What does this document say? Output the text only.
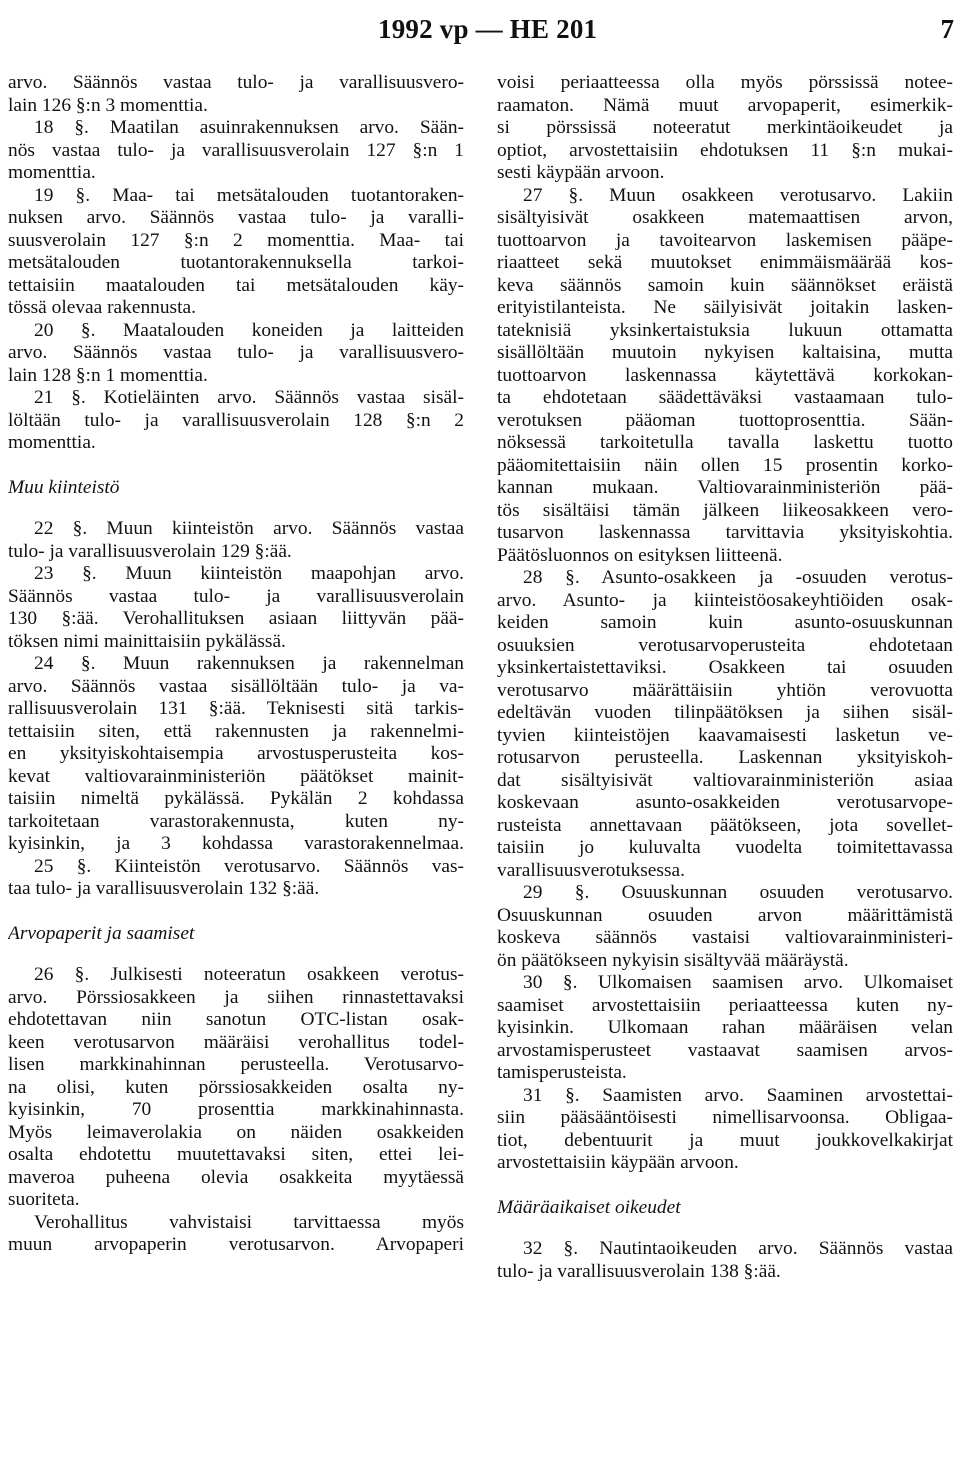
1992 vp — HE 201	7
arvo. Säännös vastaa tulo- ja varallisuusvero-
lain 126 §:n 3 momenttia.
18 §. Maatilan asuinrakennuksen arvo. Sään-
nös vastaa tulo- ja varallisuusverolain 127 §:n 1
momenttia.
19 §. Maa- tai metsätalouden tuotantoraken-
nuksen arvo. Säännös vastaa tulo- ja varalli-
suusverolain 127 §:n 2 momenttia. Maa- tai
metsätalouden tuotantorakennuksella tarkoi-
tettaisiin maatalouden tai metsätalouden käy-
tössä olevaa rakennusta.
20 §. Maatalouden koneiden ja laitteiden
arvo. Säännös vastaa tulo- ja varallisuusvero-
lain 128 §:n 1 momenttia.
21 §. Kotieläinten arvo. Säännös vastaa sisäl-
löltään tulo- ja varallisuusverolain 128 §:n 2
momenttia.
Muu kiinteistö
22 §. Muun kiinteistön arvo. Säännös vastaa
tulo- ja varallisuusverolain 129 §:ää.
23 §. Muun kiinteistön maapohjan arvo.
Säännös vastaa tulo- ja varallisuusverolain
130 §:ää. Verohallituksen asiaan liittyvän pää-
töksen nimi mainittaisiin pykälässä.
24 §. Muun rakennuksen ja rakennelman
arvo. Säännös vastaa sisällöltään tulo- ja va-
rallisuusverolain 131 §:ää. Teknisesti sitä tarkis-
tettaisiin siten, että rakennusten ja rakennelmi-
en yksityiskohtaisempia arvostusperusteita kos-
kevat valtiovarainministeriön päätökset mainit-
taisiin nimeltä pykälässä. Pykälän 2 kohdassa
tarkoitetaan varastorakennusta, kuten ny-
kyisinkin, ja 3 kohdassa varastorakennelmaa.
25 §. Kiinteistön verotusarvo. Säännös vas-
taa tulo- ja varallisuusverolain 132 §:ää.
Arvopaperit ja saamiset
26 §. Julkisesti noteeratun osakkeen verotus-
arvo. Pörssiosakkeen ja siihen rinnastettavaksi
ehdotettavan niin sanotun OTC-listan osak-
keen verotusarvon määräisi verohallitus todel-
lisen markkinahinnan perusteella. Verotusarvo-
na olisi, kuten pörssiosakkeiden osalta ny-
kyisinkin, 70 prosenttia markkinahinnasta.
Myös leimaverolakia on näiden osakkeiden
osalta ehdotettu muutettavaksi siten, ettei lei-
maveroa puheena olevia osakkeita myytäessä
suoriteta.
Verohallitus vahvistaisi tarvittaessa myös
muun arvopaperin verotusarvon. Arvopaperi
voisi periaatteessa olla myös pörssissä notee-
raamaton. Nämä muut arvopaperit, esimerkik-
si pörssissä noteeratut merkintäoikeudet ja
optiot, arvostettaisiin ehdotuksen 11 §:n mukai-
sesti käypään arvoon.
27 §. Muun osakkeen verotusarvo. Lakiin
sisältyisivät osakkeen matemaattisen arvon,
tuottoarvon ja tavoitearvon laskemisen pääpe-
riaatteet sekä muutokset enimmäismäärää kos-
keva säännös samoin kuin säännökset eräistä
erityistilanteista. Ne säilyisivät joitakin lasken-
tateknisiä yksinkertaistuksia lukuun ottamatta
sisällöltään muutoin nykyisen kaltaisina, mutta
tuottoarvon laskennassa käytettävä korkokan-
ta ehdotetaan säädettäväksi vastaamaan tulo-
verotuksen pääoman tuottoprosenttia. Sään-
nöksessä tarkoitetulla tavalla laskettu tuotto
pääomitettaisiin näin ollen 15 prosentin korko-
kannan mukaan. Valtiovarainministeriön pää-
tös sisältäisi tämän jälkeen liikeosakkeen vero-
tusarvon laskennassa tarvittavia yksityiskohtia.
Päätösluonnos on esityksen liitteenä.
28 §. Asunto-osakkeen ja -osuuden verotus-
arvo. Asunto- ja kiinteistöosakeyhtiöiden osak-
keiden samoin kuin asunto-osuuskunnan
osuuksien verotusarvoperusteita ehdotetaan
yksinkertaistettaviksi. Osakkeen tai osuuden
verotusarvo määrättäisiin yhtiön verovuotta
edeltävän vuoden tilinpäätöksen ja siihen sisäl-
tyvien kiinteistöjen kaavamaisesti lasketun ve-
rotusarvon perusteella. Laskennan yksityiskoh-
dat sisältyisivät valtiovarainministeriön asiaa
koskevaan asunto-osakkeiden verotusarvope-
rusteista annettavaan päätökseen, jota sovellet-
taisiin jo kuluvalta vuodelta toimitettavassa
varallisuusverotuksessa.
29 §. Osuuskunnan osuuden verotusarvo.
Osuuskunnan osuuden arvon määrittämistä
koskeva säännös vastaisi valtiovarainministeri-
ön päätökseen nykyisin sisältyvää määräystä.
30 §. Ulkomaisen saamisen arvo. Ulkomaiset
saamiset arvostettaisiin periaatteessa kuten ny-
kyisinkin. Ulkomaan rahan määräisen velan
arvostamisperusteet vastaavat saamisen arvos-
tamisperusteista.
31 §. Saamisten arvo. Saaminen arvostettai-
siin pääsääntöisesti nimellisarvoonsa. Obligaa-
tiot, debentuurit ja muut joukkovelkakirjat
arvostettaisiin käypään arvoon.
Määräaikaiset oikeudet
32 §. Nautintaoikeuden arvo. Säännös vastaa
tulo- ja varallisuusverolain 138 §:ää.
